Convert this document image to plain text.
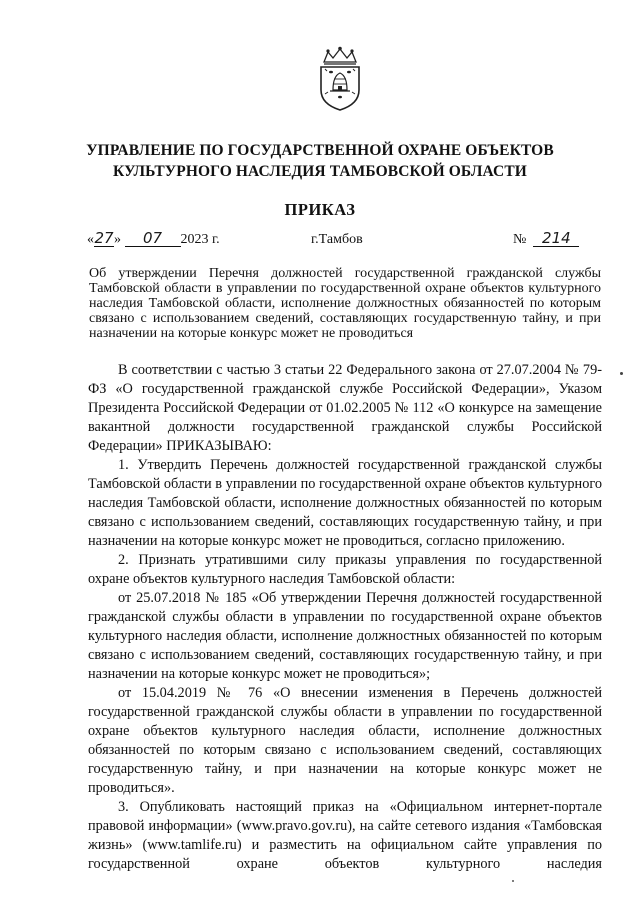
УПРАВЛЕНИЕ ПО ГОСУДАРСТВЕННОЙ ОХРАНЕ ОБЪЕКТОВ
КУЛЬТУРНОГО НАСЛЕДИЯ ТАМБОВСКОЙ ОБЛАСТИ
ПРИКАЗ
«27» 07 2023 г.	г.Тамбов	№ 214
Об утверждении Перечня должностей государственной гражданской службы Тамбовской области в управлении по государственной охране объектов культурного наследия Тамбовской области, исполнение должностных обязанностей по которым связано с использованием сведений, составляющих государственную тайну, и при назначении на которые конкурс может не проводиться

В соответствии с частью 3 статьи 22 Федерального закона от 27.07.2004 № 79-ФЗ «О государственной гражданской службе Российской Федерации», Указом Президента Российской Федерации от 01.02.2005 № 112 «О конкурсе на замещение вакантной должности государственной гражданской службы Российской Федерации» ПРИКАЗЫВАЮ:

1. Утвердить Перечень должностей государственной гражданской службы Тамбовской области в управлении по государственной охране объектов культурного наследия Тамбовской области, исполнение должностных обязанностей по которым связано с использованием сведений, составляющих государственную тайну, и при назначении на которые конкурс может не проводиться, согласно приложению.

2. Признать утратившими силу приказы управления по государственной охране объектов культурного наследия Тамбовской области:

от 25.07.2018 № 185 «Об утверждении Перечня должностей государственной гражданской службы области в управлении по государственной охране объектов культурного наследия области, исполнение должностных обязанностей по которым связано с использованием сведений, составляющих государственную тайну, и при назначении на которые конкурс может не проводиться»;

от 15.04.2019 № 76 «О внесении изменения в Перечень должностей государственной гражданской службы области в управлении по государственной охране объектов культурного наследия области, исполнение должностных обязанностей по которым связано с использованием сведений, составляющих государственную тайну, и при назначении на которые конкурс может не проводиться».

3. Опубликовать настоящий приказ на «Официальном интернет-портале правовой информации» (www.pravo.gov.ru), на сайте сетевого издания «Тамбовская жизнь» (www.tamlife.ru) и разместить на официальном сайте управления по государственной охране объектов культурного наследия
